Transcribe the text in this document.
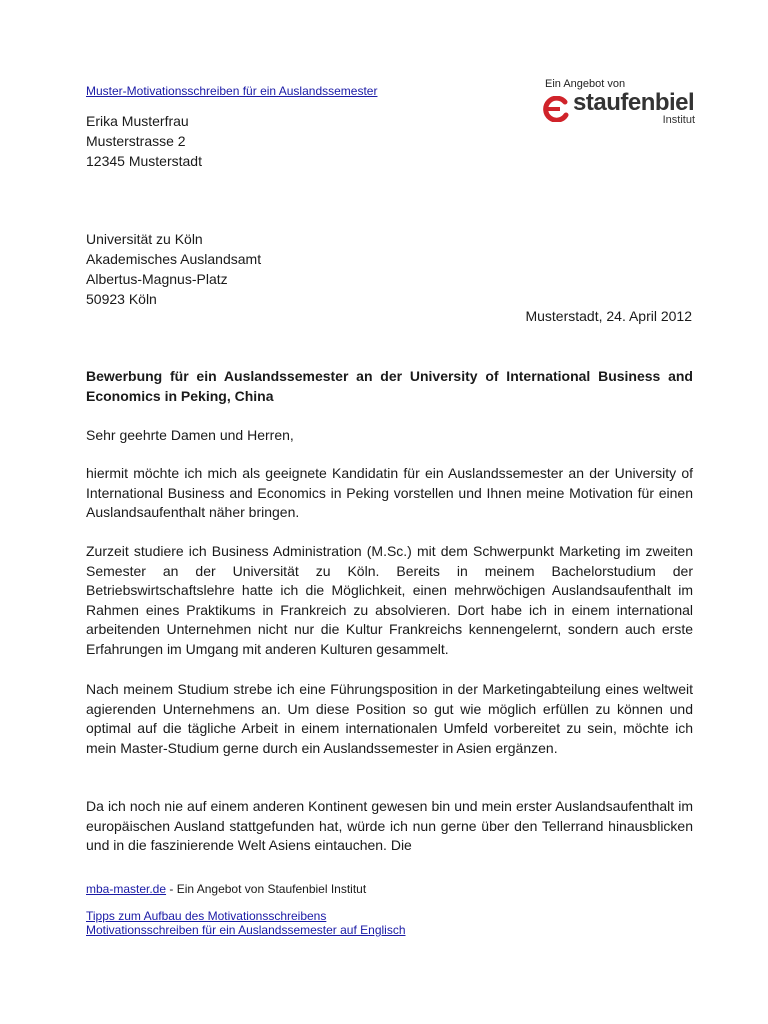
Muster-Motivationsschreiben für ein Auslandssemester	Ein Angebot von
staufenbiel
Institut
Erika Musterfrau
Musterstrasse 2
12345 Musterstadt
Universität zu Köln
Akademisches Auslandsamt
Albertus-Magnus-Platz
50923 Köln
Musterstadt, 24. April 2012
Bewerbung für ein Auslandssemester an der University of International Business and Economics in Peking, China
Sehr geehrte Damen und Herren,
hiermit möchte ich mich als geeignete Kandidatin für ein Auslandssemester an der University of International Business and Economics in Peking vorstellen und Ihnen meine Motivation für einen Auslandsaufenthalt näher bringen.
Zurzeit studiere ich Business Administration (M.Sc.) mit dem Schwerpunkt Marketing im zweiten Semester an der Universität zu Köln. Bereits in meinem Bachelorstudium der Betriebswirtschaftslehre hatte ich die Möglichkeit, einen mehrwöchigen Auslandsaufenthalt im Rahmen eines Praktikums in Frankreich zu absolvieren. Dort habe ich in einem international arbeitenden Unternehmen nicht nur die Kultur Frankreichs kennengelernt, sondern auch erste Erfahrungen im Umgang mit anderen Kulturen gesammelt.
Nach meinem Studium strebe ich eine Führungsposition in der Marketingabteilung eines weltweit agierenden Unternehmens an. Um diese Position so gut wie möglich erfüllen zu können und optimal auf die tägliche Arbeit in einem internationalen Umfeld vorbereitet zu sein, möchte ich mein Master-Studium gerne durch ein Auslandssemester in Asien ergänzen.
Da ich noch nie auf einem anderen Kontinent gewesen bin und mein erster Auslandsaufenthalt im europäischen Ausland stattgefunden hat, würde ich nun gerne über den Tellerrand hinausblicken und in die faszinierende Welt Asiens eintauchen. Die
mba-master.de - Ein Angebot von Staufenbiel Institut
Tipps zum Aufbau des Motivationsschreibens
Motivationsschreiben für ein Auslandssemester auf Englisch
